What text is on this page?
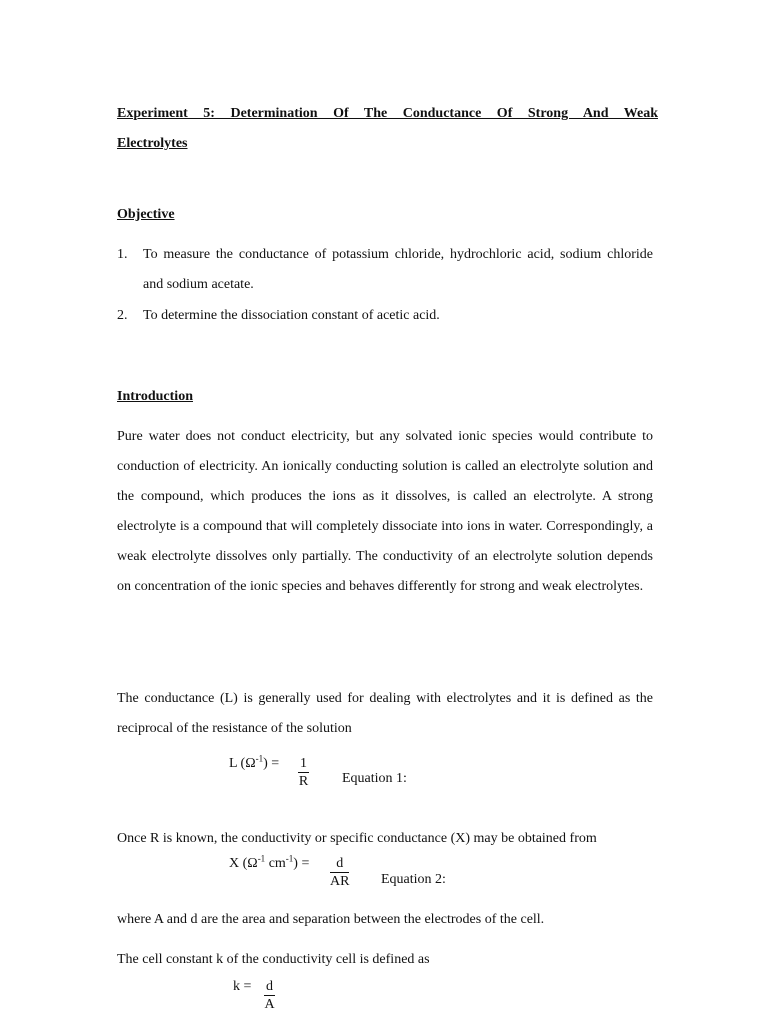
Experiment 5: Determination Of The Conductance Of Strong And Weak
Electrolytes
Objective
1. To measure the conductance of potassium chloride, hydrochloric acid, sodium chloride and sodium acetate.
2. To determine the dissociation constant of acetic acid.
Introduction
Pure water does not conduct electricity, but any solvated ionic species would contribute to conduction of electricity. An ionically conducting solution is called an electrolyte solution and the compound, which produces the ions as it dissolves, is called an electrolyte. A strong electrolyte is a compound that will completely dissociate into ions in water. Correspondingly, a weak electrolyte dissolves only partially. The conductivity of an electrolyte solution depends on concentration of the ionic species and behaves differently for strong and weak electrolytes.
The conductance (L) is generally used for dealing with electrolytes and it is defined as the reciprocal of the resistance of the solution
L $(\Omega^{-1}) = \frac{1}{R}$ Equation 1:
Once R is known, the conductivity or specific conductance (X) may be obtained from
X ($\Omega^{-1}$ $cm^{-1}) = \frac{d}{AR}$ Equation 2:
where A and d are the area and separation between the electrodes of the cell.
The cell constant k of the conductivity cell is defined as
$k = \frac{d}{A}$
